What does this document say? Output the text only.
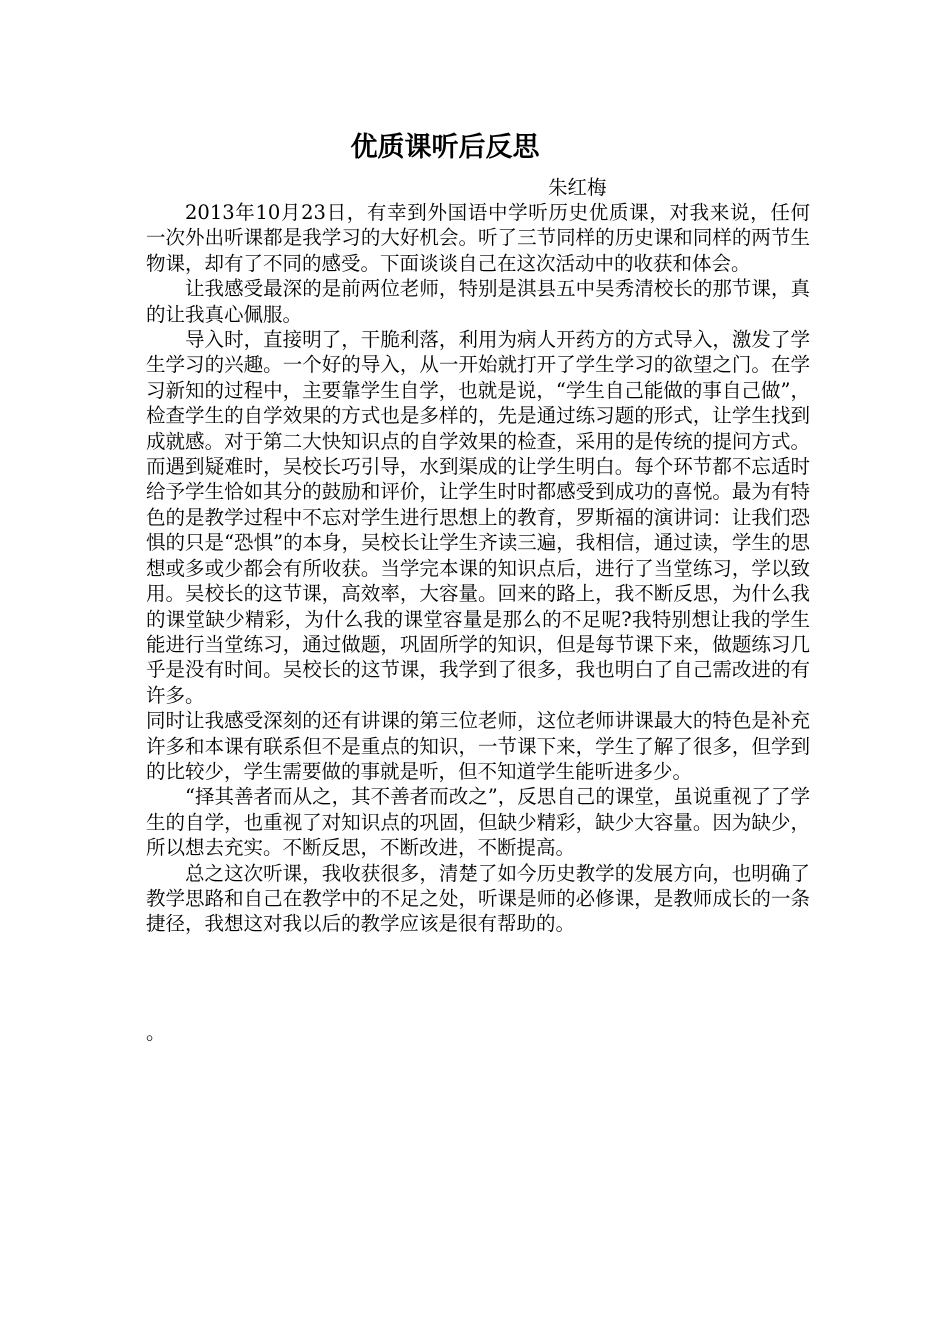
优质课听后反思

朱红梅

2013年10月23日，有幸到外国语中学听历史优质课，对我来说，任何一次外出听课都是我学习的大好机会。听了三节同样的历史课和同样的两节生物课，却有了不同的感受。下面谈谈自己在这次活动中的收获和体会。

让我感受最深的是前两位老师，特别是淇县五中吴秀清校长的那节课，真的让我真心佩服。

导入时，直接明了，干脆利落，利用为病人开药方的方式导入，激发了学生学习的兴趣。一个好的导入，从一开始就打开了学生学习的欲望之门。在学习新知的过程中，主要靠学生自学，也就是说，“学生自己能做的事自己做”，检查学生的自学效果的方式也是多样的，先是通过练习题的形式，让学生找到成就感。对于第二大快知识点的自学效果的检查，采用的是传统的提问方式。而遇到疑难时，吴校长巧引导，水到渠成的让学生明白。每个环节都不忘适时给予学生恰如其分的鼓励和评价，让学生时时都感受到成功的喜悦。最为有特色的是教学过程中不忘对学生进行思想上的教育，罗斯福的演讲词：让我们恐惧的只是“恐惧”的本身，吴校长让学生齐读三遍，我相信，通过读，学生的思想或多或少都会有所收获。当学完本课的知识点后，进行了当堂练习，学以致用。吴校长的这节课，高效率，大容量。回来的路上，我不断反思，为什么我的课堂缺少精彩，为什么我的课堂容量是那么的不足呢?我特别想让我的学生能进行当堂练习，通过做题，巩固所学的知识，但是每节课下来，做题练习几乎是没有时间。吴校长的这节课，我学到了很多，我也明白了自己需改进的有许多。

同时让我感受深刻的还有讲课的第三位老师，这位老师讲课最大的特色是补充许多和本课有联系但不是重点的知识，一节课下来，学生了解了很多，但学到的比较少，学生需要做的事就是听，但不知道学生能听进多少。

“择其善者而从之，其不善者而改之”，反思自己的课堂，虽说重视了了学生的自学，也重视了对知识点的巩固，但缺少精彩，缺少大容量。因为缺少，所以想去充实。不断反思，不断改进，不断提高。

总之这次听课，我收获很多，清楚了如今历史教学的发展方向，也明确了教学思路和自己在教学中的不足之处，听课是师的必修课，是教师成长的一条捷径，我想这对我以后的教学应该是很有帮助的。

。
